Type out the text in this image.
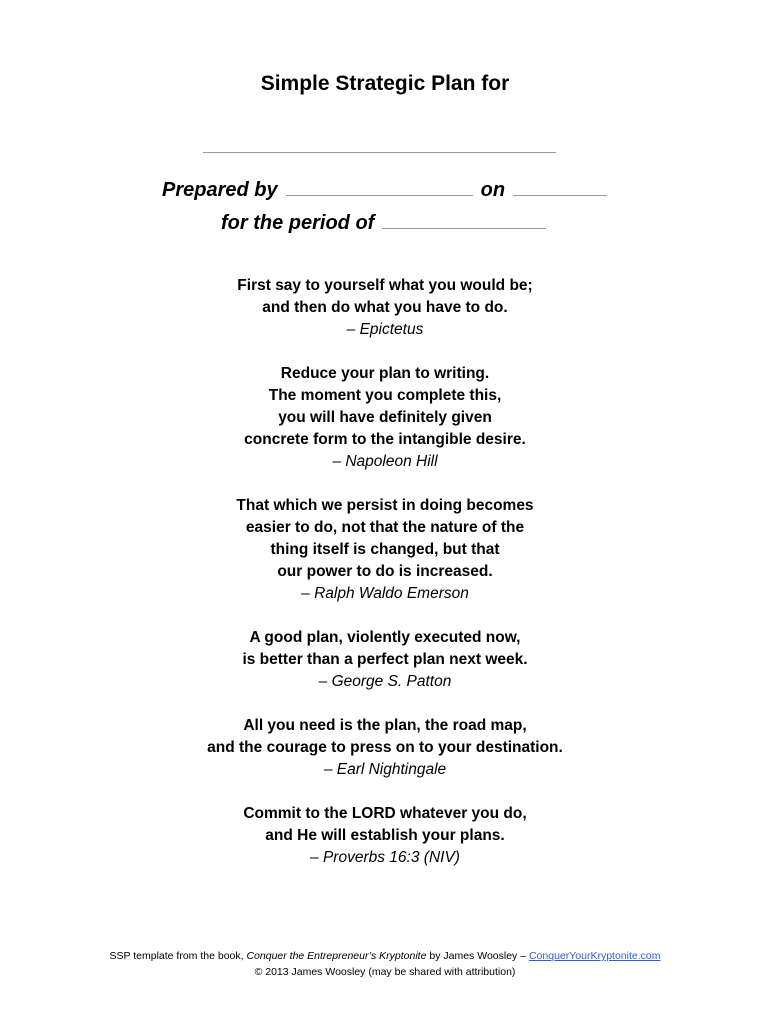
Simple Strategic Plan for
Prepared by	on
for the period of
First say to yourself what you would be;
and then do what you have to do.
– Epictetus
Reduce your plan to writing.
The moment you complete this,
you will have definitely given
concrete form to the intangible desire.
– Napoleon Hill
That which we persist in doing becomes
easier to do, not that the nature of the
thing itself is changed, but that
our power to do is increased.
– Ralph Waldo Emerson
A good plan, violently executed now,
is better than a perfect plan next week.
– George S. Patton
All you need is the plan, the road map,
and the courage to press on to your destination.
– Earl Nightingale
Commit to the LORD whatever you do,
and He will establish your plans.
– Proverbs 16:3 (NIV)
SSP template from the book, Conquer the Entrepreneur’s Kryptonite by James Woosley – ConquerYourKryptonite.com
© 2013 James Woosley (may be shared with attribution)
